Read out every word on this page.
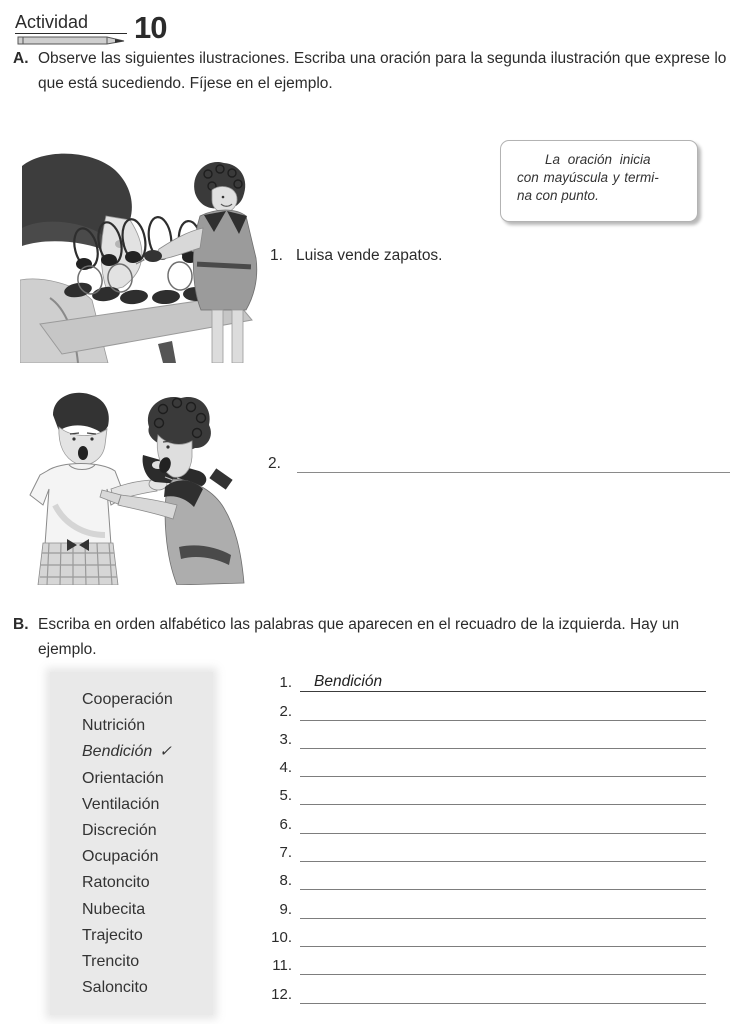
Actividad	10
A. Observe las siguientes ilustraciones. Escriba una oración para la segunda ilustración que exprese lo que está sucediendo. Fíjese en el ejemplo.
La oración inicia
con mayúscula y termi-
na con punto.
1. Luisa vende zapatos.
2.
B. Escriba en orden alfabético las palabras que aparecen en el recuadro de la izquierda. Hay un ejemplo.
Cooperación
Nutrición
Bendición ✓
Orientación
Ventilación
Discreción
Ocupación
Ratoncito
Nubecita
Trajecito
Trencito
Saloncito
1. Bendición
2.
3.
4.
5.
6.
7.
8.
9.
10.
11.
12.
